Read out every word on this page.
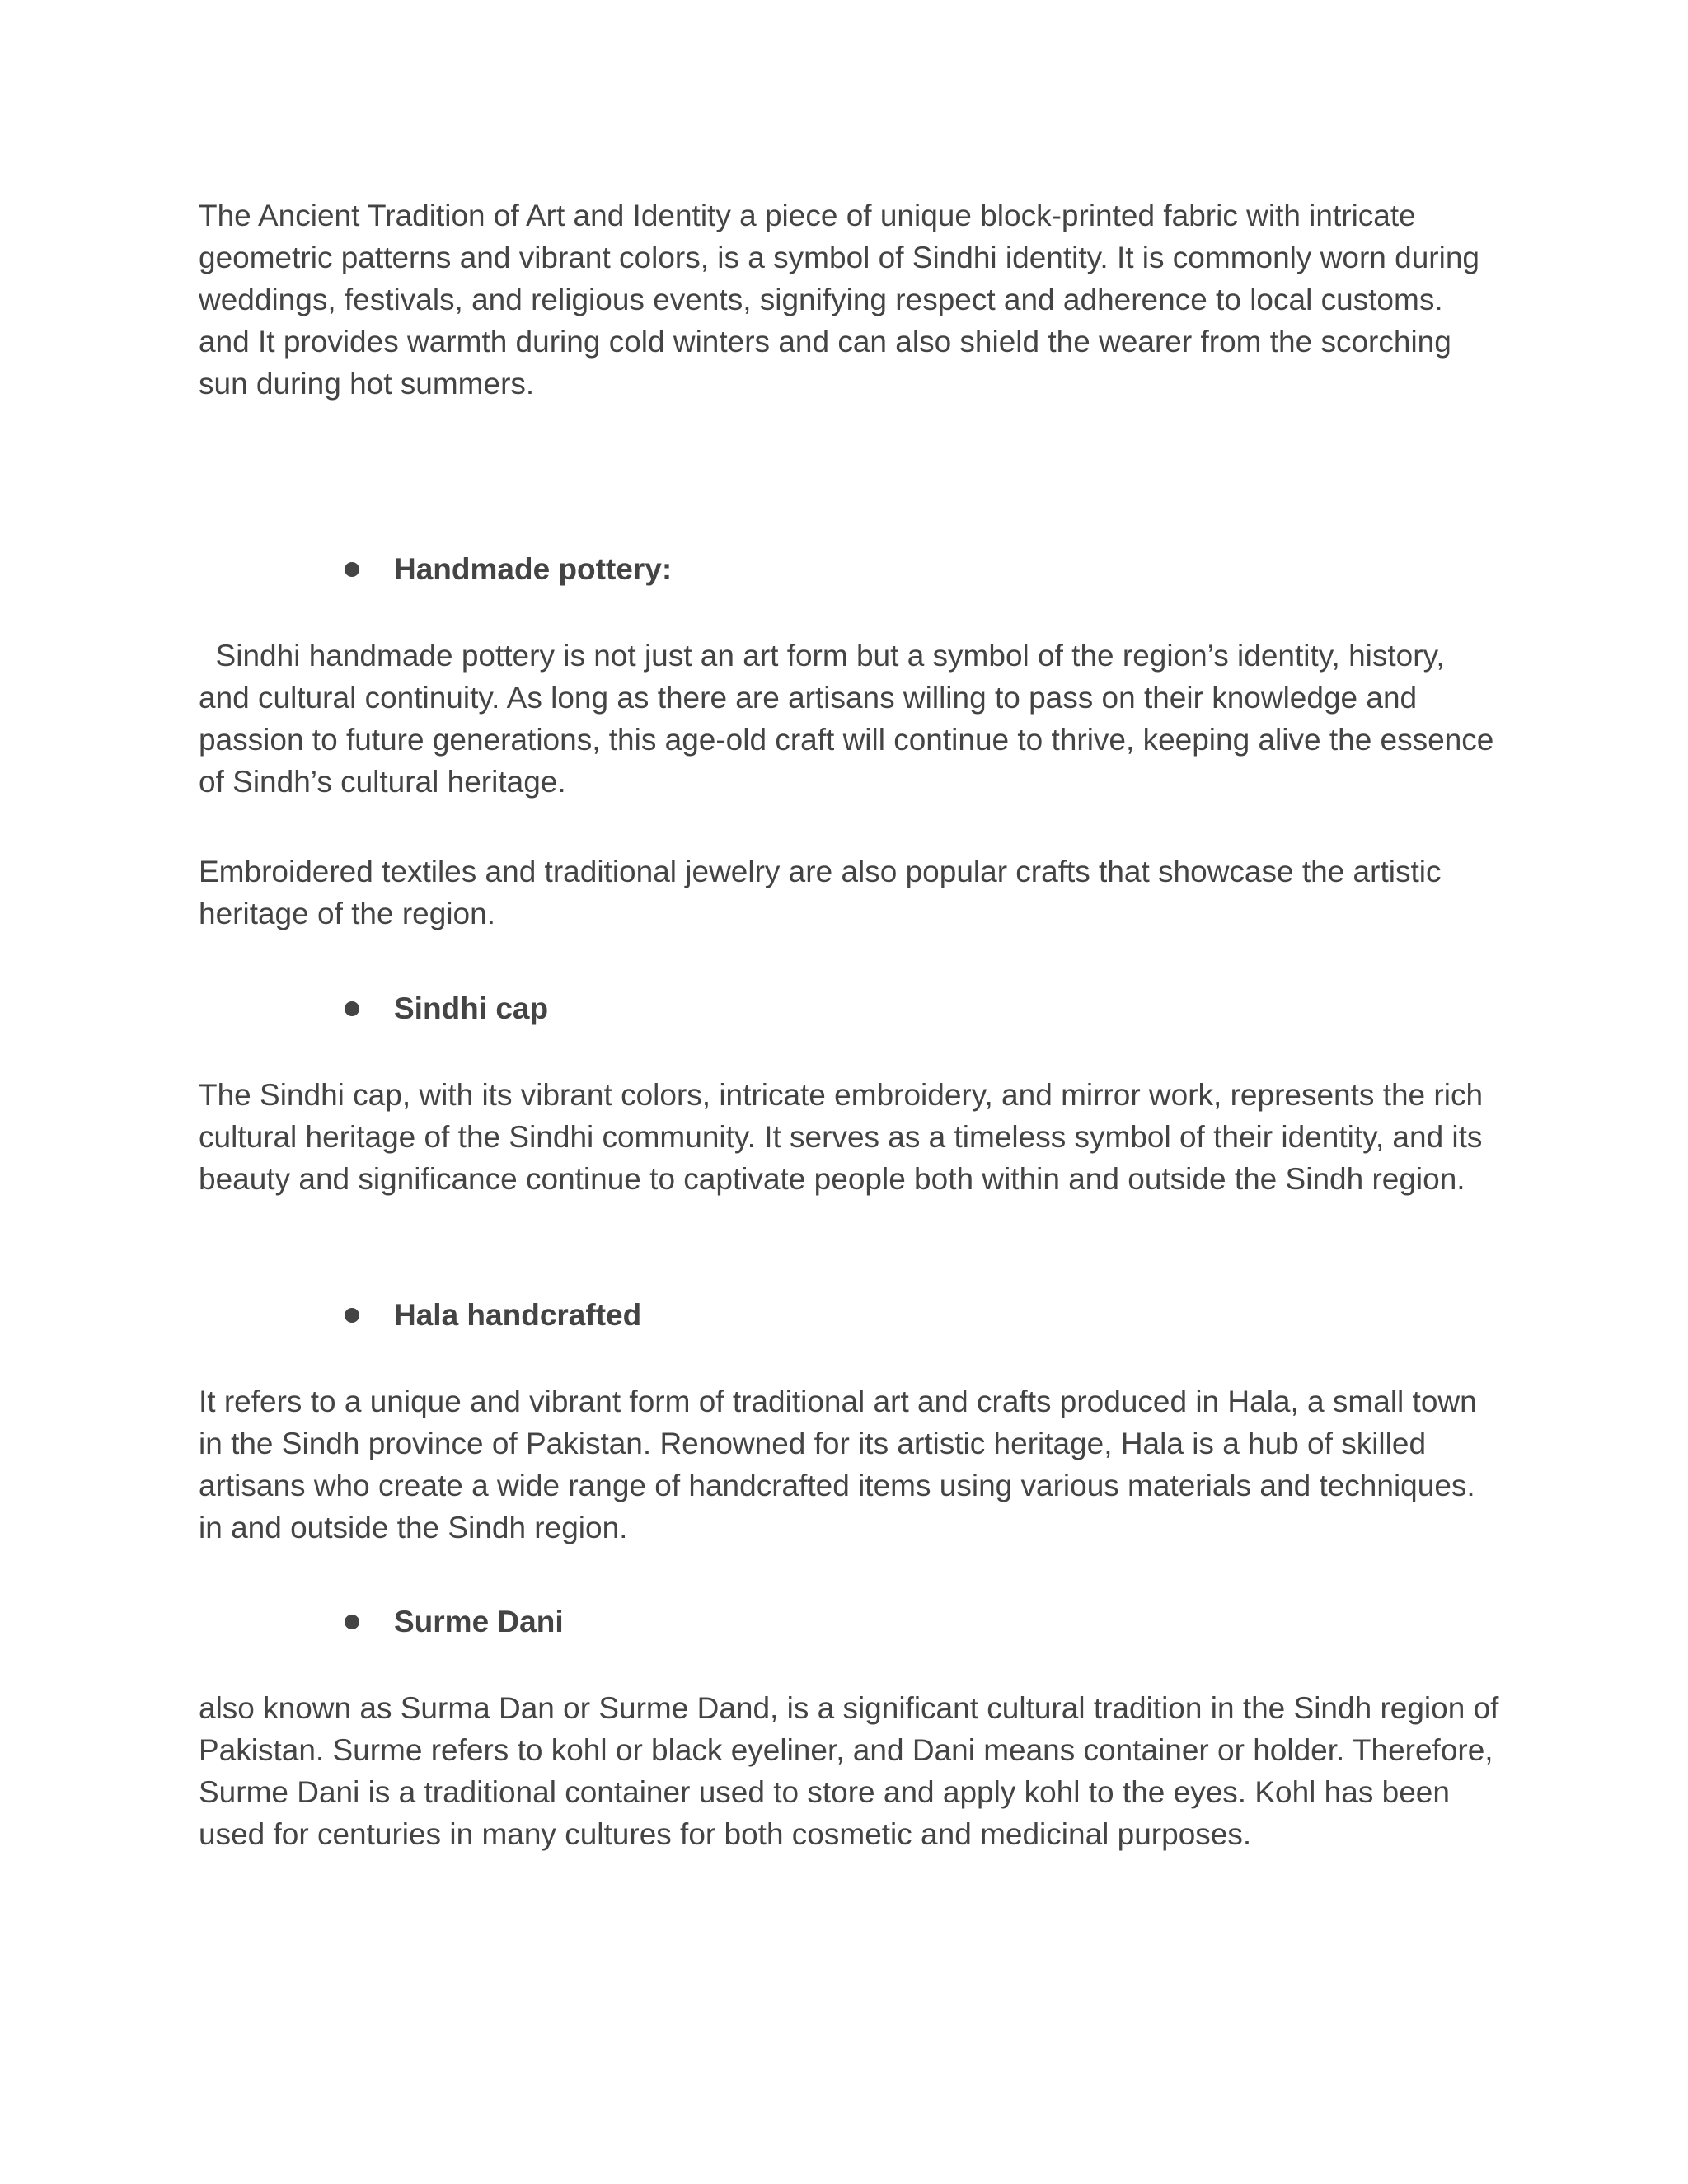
The Ancient Tradition of Art and Identity a piece of unique block-printed fabric with intricate geometric patterns and vibrant colors, is a symbol of Sindhi identity. It is commonly worn during weddings, festivals, and religious events, signifying respect and adherence to local customs. and It provides warmth during cold winters and can also shield the wearer from the scorching sun during hot summers.

Handmade pottery:

Sindhi handmade pottery is not just an art form but a symbol of the region’s identity, history, and cultural continuity. As long as there are artisans willing to pass on their knowledge and passion to future generations, this age-old craft will continue to thrive, keeping alive the essence of Sindh’s cultural heritage.

Embroidered textiles and traditional jewelry are also popular crafts that showcase the artistic heritage of the region.

Sindhi cap

The Sindhi cap, with its vibrant colors, intricate embroidery, and mirror work, represents the rich cultural heritage of the Sindhi community. It serves as a timeless symbol of their identity, and its beauty and significance continue to captivate people both within and outside the Sindh region.

Hala handcrafted

It refers to a unique and vibrant form of traditional art and crafts produced in Hala, a small town in the Sindh province of Pakistan. Renowned for its artistic heritage, Hala is a hub of skilled artisans who create a wide range of handcrafted items using various materials and techniques. in and outside the Sindh region.

Surme Dani

also known as Surma Dan or Surme Dand, is a significant cultural tradition in the Sindh region of Pakistan. Surme refers to kohl or black eyeliner, and Dani means container or holder. Therefore, Surme Dani is a traditional container used to store and apply kohl to the eyes. Kohl has been used for centuries in many cultures for both cosmetic and medicinal purposes.
